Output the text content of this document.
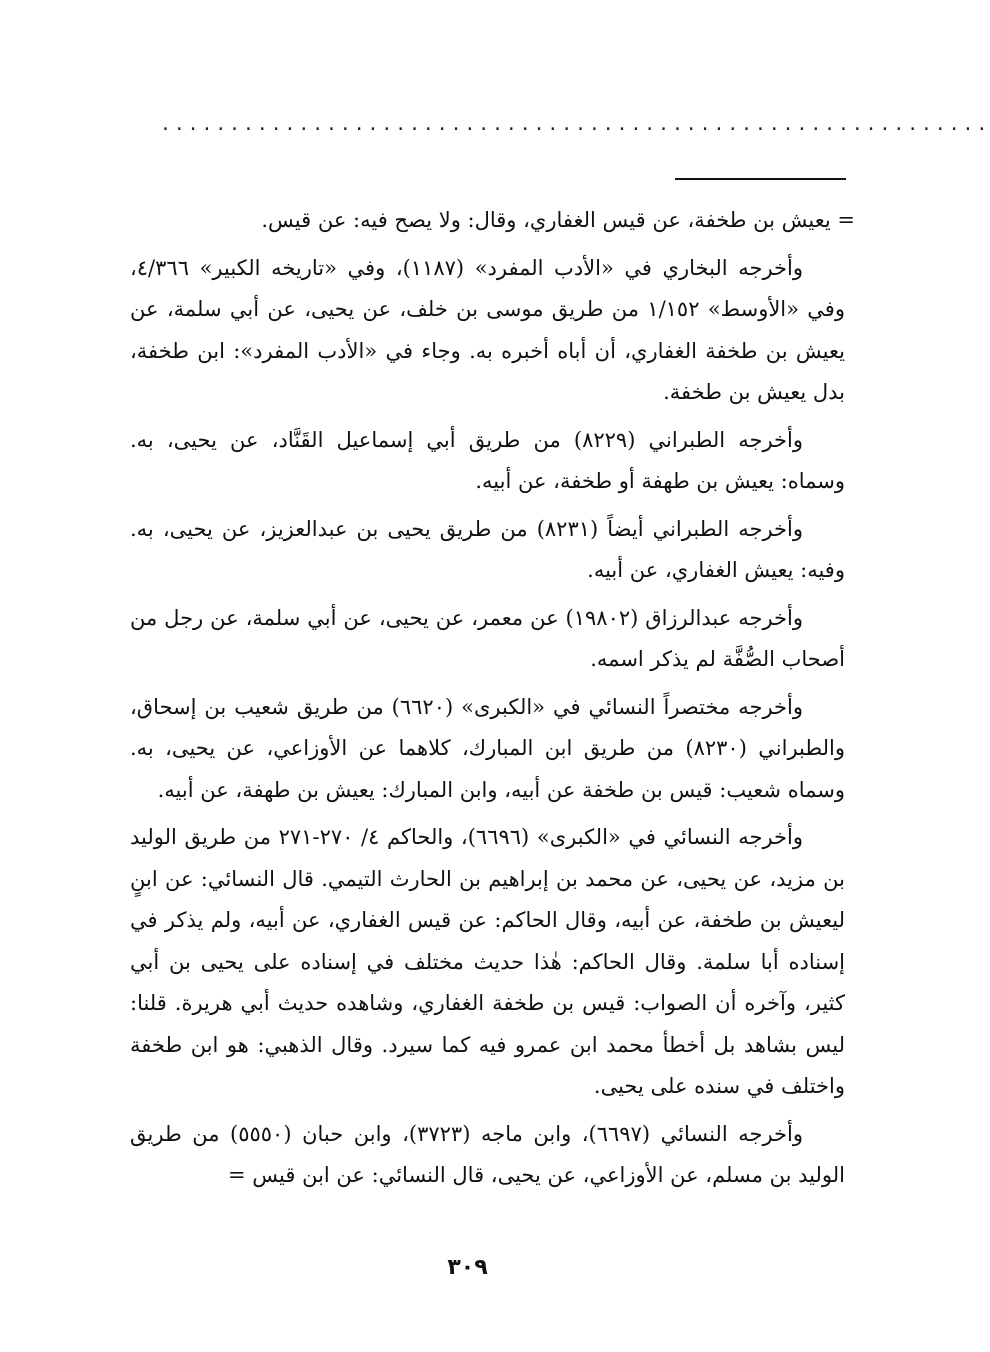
............................................................

= يعيش بن طخفة، عن قيس الغفاري، وقال: ولا يصح فيه: عن قيس.

وأخرجه البخاري في «الأدب المفرد» (١١٨٧)، وفي «تاريخه الكبير» ٤/٣٦٦، وفي «الأوسط» ١/١٥٢ من طريق موسى بن خلف، عن يحيى، عن أبي سلمة، عن يعيش بن طخفة الغفاري، أن أباه أخبره به. وجاء في «الأدب المفرد»: ابن طخفة، بدل يعيش بن طخفة.

وأخرجه الطبراني (٨٢٢٩) من طريق أبي إسماعيل القَنَّاد، عن يحيى، به. وسماه: يعيش بن طهفة أو طخفة، عن أبيه.

وأخرجه الطبراني أيضاً (٨٢٣١) من طريق يحيى بن عبدالعزيز، عن يحيى، به. وفيه: يعيش الغفاري، عن أبيه.

وأخرجه عبدالرزاق (١٩٨٠٢) عن معمر، عن يحيى، عن أبي سلمة، عن رجل من أصحاب الصُّفَّة لم يذكر اسمه.

وأخرجه مختصراً النسائي في «الكبرى» (٦٦٢٠) من طريق شعيب بن إسحاق، والطبراني (٨٢٣٠) من طريق ابن المبارك، كلاهما عن الأوزاعي، عن يحيى، به. وسماه شعيب: قيس بن طخفة عن أبيه، وابن المبارك: يعيش بن طهفة، عن أبيه.

وأخرجه النسائي في «الكبرى» (٦٦٩٦)، والحاكم ٤/ ٢٧٠-٢٧١ من طريق الوليد بن مزيد، عن يحيى، عن محمد بن إبراهيم بن الحارث التيمي. قال النسائي: عن ابنٍ ليعيش بن طخفة، عن أبيه، وقال الحاكم: عن قيس الغفاري، عن أبيه، ولم يذكر في إسناده أبا سلمة. وقال الحاكم: هٰذا حديث مختلف في إسناده على يحيى بن أبي كثير، وآخره أن الصواب: قيس بن طخفة الغفاري، وشاهده حديث أبي هريرة. قلنا: ليس بشاهد بل أخطأ محمد ابن عمرو فيه كما سيرد. وقال الذهبي: هو ابن طخفة واختلف في سنده على يحيى.

وأخرجه النسائي (٦٦٩٧)، وابن ماجه (٣٧٢٣)، وابن حبان (٥٥٥٠) من طريق الوليد بن مسلم، عن الأوزاعي، عن يحيى، قال النسائي: عن ابن قيس =

٣٠٩
